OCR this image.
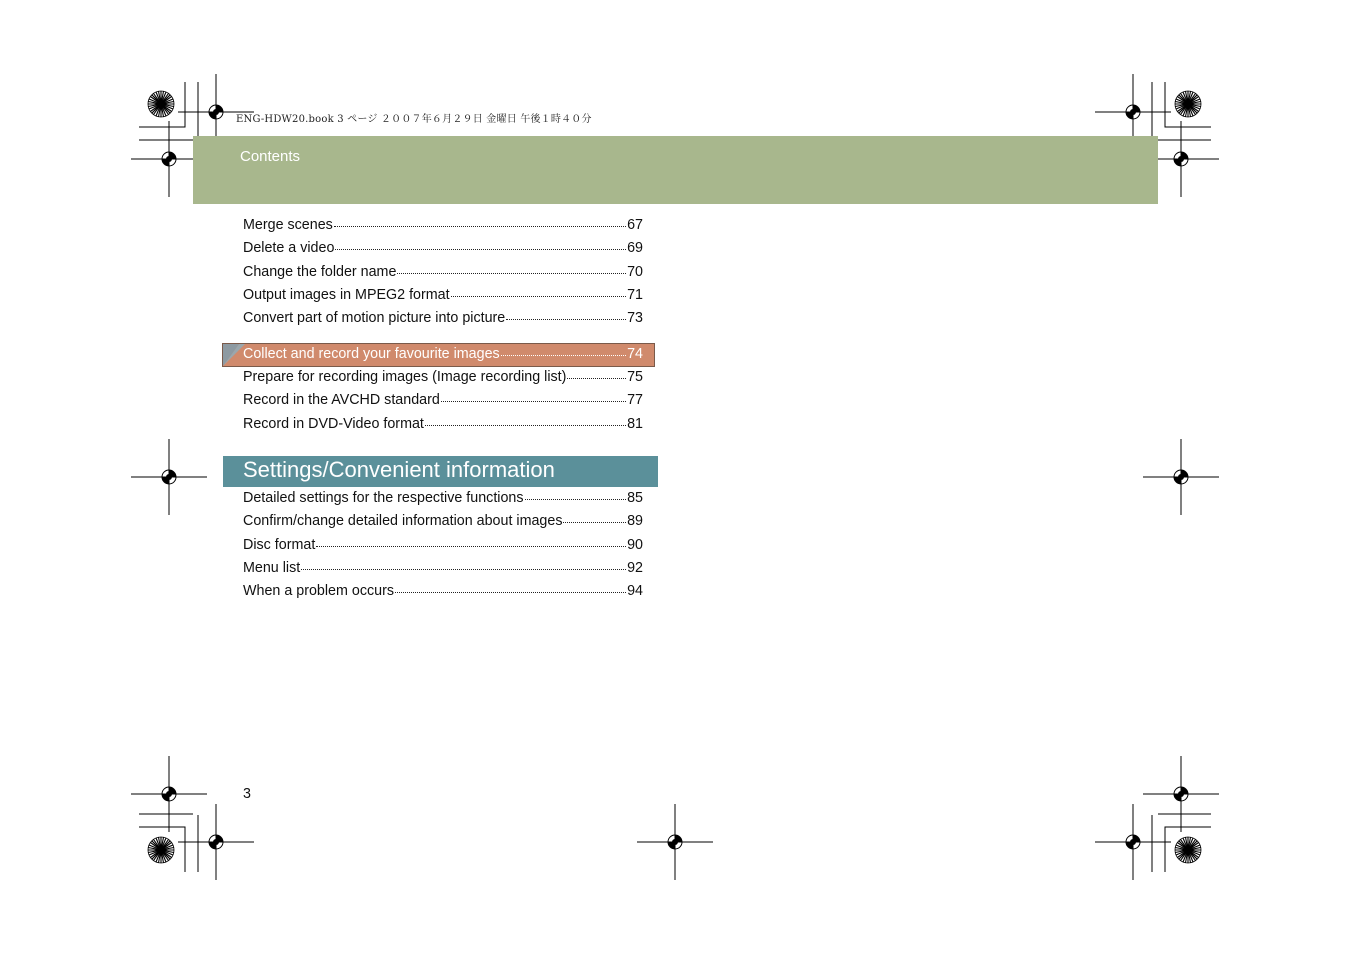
ENG-HDW20.book 3 ページ ２００７年６月２９日 金曜日 午後１時４０分
Contents
Merge scenes	67
Delete a video	69
Change the folder name	70
Output images in MPEG2 format	71
Convert part of motion picture into picture	73
Collect and record your favourite images	74
Prepare for recording images (Image recording list)	75
Record in the AVCHD standard	77
Record in DVD-Video format	81
Settings/Convenient information
Detailed settings for the respective functions	85
Confirm/change detailed information about images	89
Disc format	90
Menu list	92
When a problem occurs	94
3
